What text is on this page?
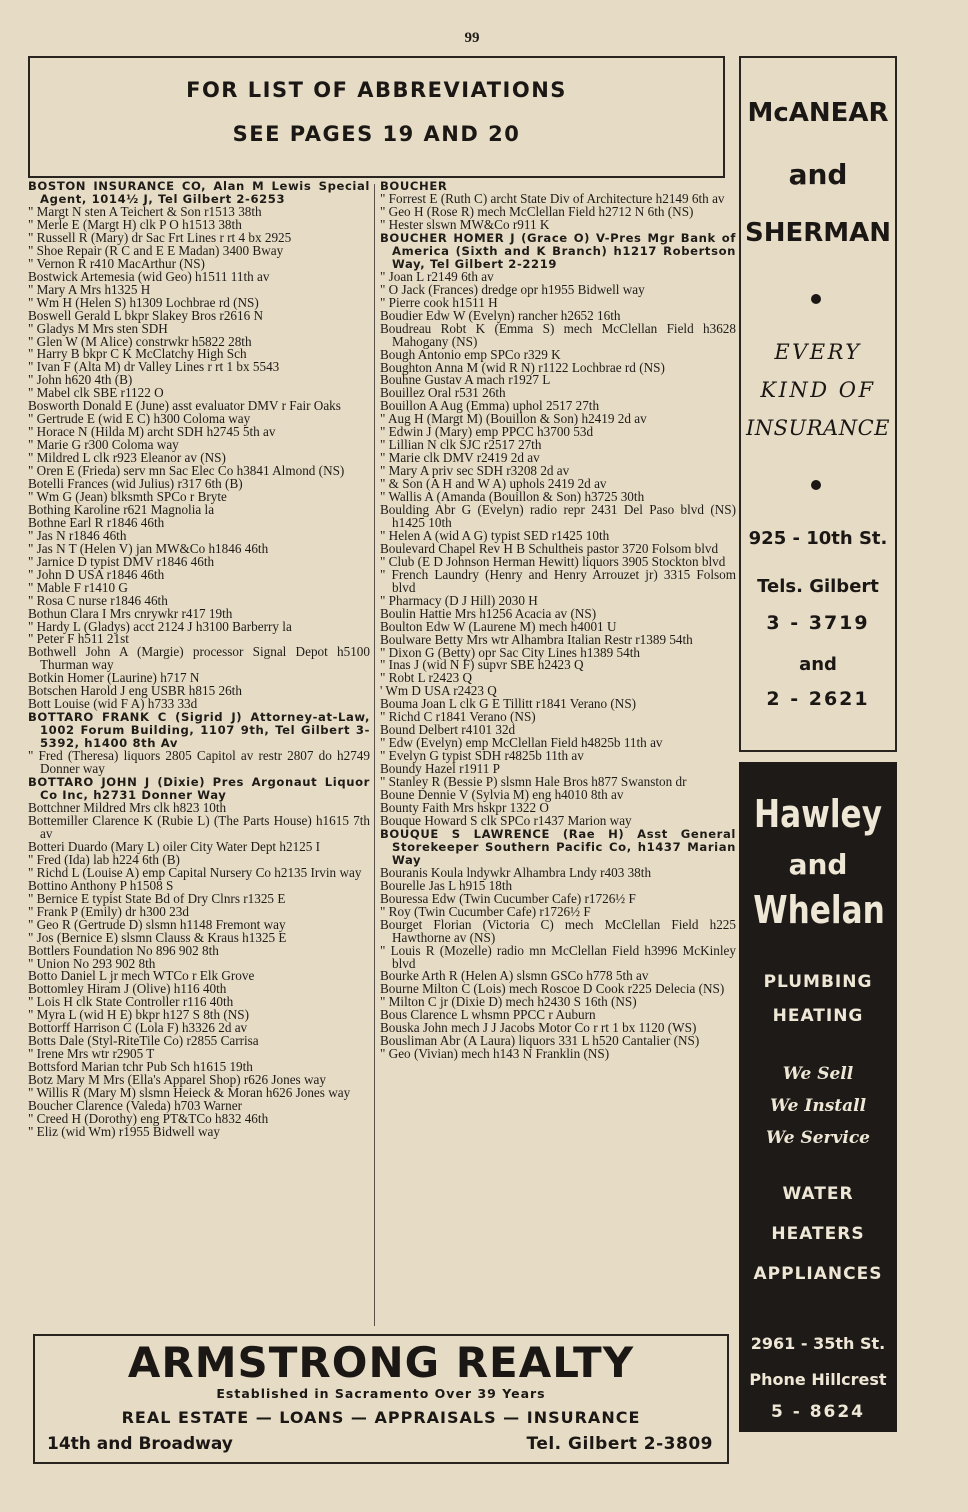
99
FOR LIST OF ABBREVIATIONS
SEE PAGES 19 AND 20
BOSTON INSURANCE CO, Alan M Lewis Special Agent, 1014½ J, Tel Gilbert 2-6253
" Margt N sten A Teichert & Son r1513 38th
" Merle E (Margt H) clk P O h1513 38th
" Russell R (Mary) dr Sac Frt Lines r rt 4 bx 2925
" Shoe Repair (R C and E E Madan) 3400 Bway
" Vernon R r410 MacArthur (NS)
Bostwick Artemesia (wid Geo) h1511 11th av
" Mary A Mrs h1325 H
" Wm H (Helen S) h1309 Lochbrae rd (NS)
Boswell Gerald L bkpr Slakey Bros r2616 N
" Gladys M Mrs sten SDH
" Glen W (M Alice) constrwkr h5822 28th
" Harry B bkpr C K McClatchy High Sch
" Ivan F (Alta M) dr Valley Lines r rt 1 bx 5543
" John h620 4th (B)
" Mabel clk SBE r1122 O
Bosworth Donald E (June) asst evaluator DMV r Fair Oaks
" Gertrude E (wid E C) h300 Coloma way
" Horace N (Hilda M) archt SDH h2745 5th av
" Marie G r300 Coloma way
" Mildred L clk r923 Eleanor av (NS)
" Oren E (Frieda) serv mn Sac Elec Co h3841 Almond (NS)
Botelli Frances (wid Julius) r317 6th (B)
" Wm G (Jean) blksmth SPCo r Bryte
Bothing Karoline r621 Magnolia la
Bothne Earl R r1846 46th
" Jas N r1846 46th
" Jas N T (Helen V) jan MW&Co h1846 46th
" Jarnice D typist DMV r1846 46th
" John D USA r1846 46th
" Mable F r1410 G
" Rosa C nurse r1846 46th
Bothun Clara I Mrs cnrywkr r417 19th
" Hardy L (Gladys) acct 2124 J h3100 Barberry la
" Peter F h511 21st
Bothwell John A (Margie) processor Signal Depot h5100 Thurman way
Botkin Homer (Laurine) h717 N
Botschen Harold J eng USBR h815 26th
Bott Louise (wid F A) h733 33d
BOTTARO FRANK C (Sigrid J) Attorney-at-Law, 1002 Forum Building, 1107 9th, Tel Gilbert 3-5392, h1400 8th Av
" Fred (Theresa) liquors 2805 Capitol av restr 2807 do h2749 Donner way
BOTTARO JOHN J (Dixie) Pres Argonaut Liquor Co Inc, h2731 Donner Way
Bottchner Mildred Mrs clk h823 10th
Bottemiller Clarence K (Rubie L) (The Parts House) h1615 7th av
Botteri Duardo (Mary L) oiler City Water Dept h2125 I
" Fred (Ida) lab h224 6th (B)
" Richd L (Louise A) emp Capital Nursery Co h2135 Irvin way
Bottino Anthony P h1508 S
" Bernice E typist State Bd of Dry Clnrs r1325 E
" Frank P (Emily) dr h300 23d
" Geo R (Gertrude D) slsmn h1148 Fremont way
" Jos (Bernice E) slsmn Clauss & Kraus h1325 E
Bottlers Foundation No 896 902 8th
" Union No 293 902 8th
Botto Daniel L jr mech WTCo r Elk Grove
Bottomley Hiram J (Olive) h116 40th
" Lois H clk State Controller r116 40th
" Myra L (wid H E) bkpr h127 S 8th (NS)
Bottorff Harrison C (Lola F) h3326 2d av
Botts Dale (Styl-RiteTile Co) r2855 Carrisa
" Irene Mrs wtr r2905 T
Bottsford Marian tchr Pub Sch h1615 19th
Botz Mary M Mrs (Ella's Apparel Shop) r626 Jones way
" Willis R (Mary M) slsmn Heieck & Moran h626 Jones way
Boucher Clarence (Valeda) h703 Warner
" Creed H (Dorothy) eng PT&TCo h832 46th
" Eliz (wid Wm) r1955 Bidwell way
BOUCHER
" Forrest E (Ruth C) archt State Div of Architecture h2149 6th av
" Geo H (Rose R) mech McClellan Field h2712 N 6th (NS)
" Hester slswn MW&Co r911 K
BOUCHER HOMER J (Grace O) V-Pres Mgr Bank of America (Sixth and K Branch) h1217 Robertson Way, Tel Gilbert 2-2219
" Joan L r2149 6th av
" O Jack (Frances) dredge opr h1955 Bidwell way
" Pierre cook h1511 H
Boudier Edw W (Evelyn) rancher h2652 16th
Boudreau Robt K (Emma S) mech McClellan Field h3628 Mahogany (NS)
Bough Antonio emp SPCo r329 K
Boughton Anna M (wid R N) r1122 Lochbrae rd (NS)
Bouhne Gustav A mach r1927 L
Bouillez Oral r531 26th
Bouillon A Aug (Emma) uphol 2517 27th
" Aug H (Margt M) (Bouillon & Son) h2419 2d av
" Edwin J (Mary) emp PPCC h3700 53d
" Lillian N clk SJC r2517 27th
" Marie clk DMV r2419 2d av
" Mary A priv sec SDH r3208 2d av
" & Son (A H and W A) uphols 2419 2d av
" Wallis A (Amanda (Bouillon & Son) h3725 30th
Boulding Abr G (Evelyn) radio repr 2431 Del Paso blvd (NS) h1425 10th
" Helen A (wid A G) typist SED r1425 10th
Boulevard Chapel Rev H B Schultheis pastor 3720 Folsom blvd
" Club (E D Johnson Herman Hewitt) liquors 3905 Stockton blvd
" French Laundry (Henry and Henry Arrouzet jr) 3315 Folsom blvd
" Pharmacy (D J Hill) 2030 H
Boulin Hattie Mrs h1256 Acacia av (NS)
Boulton Edw W (Laurene M) mech h4001 U
Boulware Betty Mrs wtr Alhambra Italian Restr r1389 54th
" Dixon G (Betty) opr Sac City Lines h1389 54th
" Inas J (wid N F) supvr SBE h2423 Q
" Robt L r2423 Q
' Wm D USA r2423 Q
Bouma Joan L clk G E Tillitt r1841 Verano (NS)
" Richd C r1841 Verano (NS)
Bound Delbert r4101 32d
" Edw (Evelyn) emp McClellan Field h4825b 11th av
" Evelyn G typist SDH r4825b 11th av
Boundy Hazel r1911 P
" Stanley R (Bessie P) slsmn Hale Bros h877 Swanston dr
Boune Dennie V (Sylvia M) eng h4010 8th av
Bounty Faith Mrs hskpr 1322 O
Bouque Howard S clk SPCo r1437 Marion way
BOUQUE S LAWRENCE (Rae H) Asst General Storekeeper Southern Pacific Co, h1437 Marian Way
Bouranis Koula lndywkr Alhambra Lndy r403 38th
Bourelle Jas L h915 18th
Bouressa Edw (Twin Cucumber Cafe) r1726½ F
" Roy (Twin Cucumber Cafe) r1726½ F
Bourget Florian (Victoria C) mech McClellan Field h225 Hawthorne av (NS)
" Louis R (Mozelle) radio mn McClellan Field h3996 McKinley blvd
Bourke Arth R (Helen A) slsmn GSCo h778 5th av
Bourne Milton C (Lois) mech Roscoe D Cook r225 Delecia (NS)
" Milton C jr (Dixie D) mech h2430 S 16th (NS)
Bous Clarence L whsmn PPCC r Auburn
Bouska John mech J J Jacobs Motor Co r rt 1 bx 1120 (WS)
Bousliman Abr (A Laura) liquors 331 L h520 Cantalier (NS)
" Geo (Vivian) mech h143 N Franklin (NS)
McANEAR
and
SHERMAN
EVERY
KIND OF
INSURANCE
925 - 10th St.
Tels. Gilbert
3 - 3719
and
2 - 2621
Hawley
and
Whelan
PLUMBING
HEATING
We Sell
We Install
We Service
WATER
HEATERS
APPLIANCES
2961 - 35th St.
Phone Hillcrest
5 - 8624
ARMSTRONG REALTY
Established in Sacramento Over 39 Years
REAL ESTATE — LOANS — APPRAISALS — INSURANCE
14th and Broadway	Tel. Gilbert 2-3809
